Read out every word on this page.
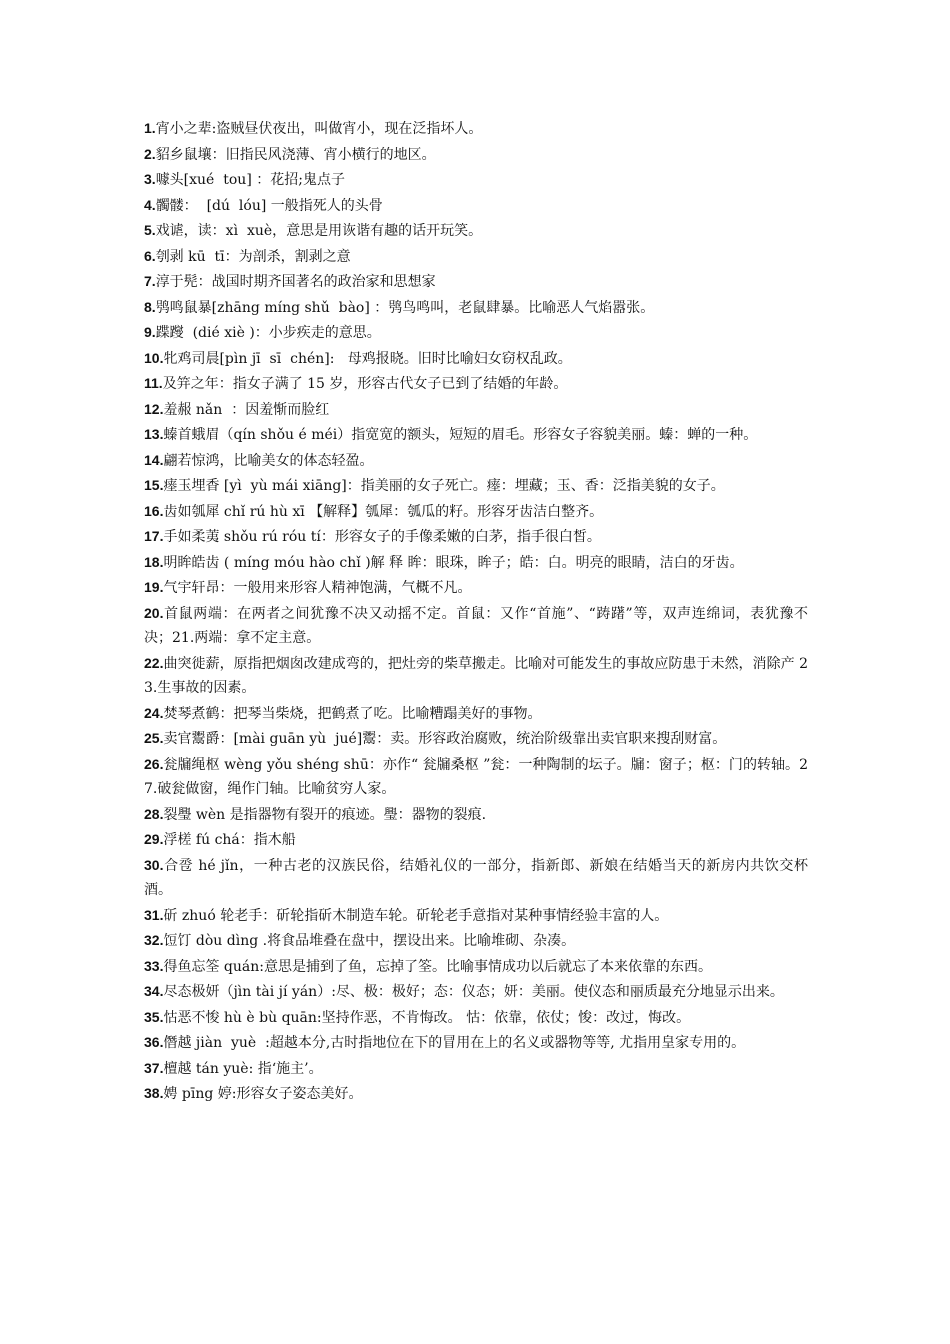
1.宵小之辈:盗贼昼伏夜出，叫做宵小，现在泛指坏人。

2.貂乡鼠壤：旧指民风浇薄、宵小横行的地区。

3.噱头[xué  tou] ：花招;鬼点子

4.髑髅：  [dú  lóu] 一般指死人的头骨

5.戏谑，读：xì  xuè，意思是用诙谐有趣的话开玩笑。

6.刳剥 kū  tī：为剖杀，割剥之意

7.淳于髡：战国时期齐国著名的政治家和思想家

8.鸮鸣鼠暴[zhāng míng shǔ  bào] ：鸮鸟鸣叫，老鼠肆暴。比喻恶人气焰嚣张。

9.蹀躞  (dié xiè )：小步疾走的意思。

10.牝鸡司晨[pìn jī  sī  chén]:   母鸡报晓。旧时比喻妇女窃权乱政。

11.及笄之年：指女子满了 15 岁，形容古代女子已到了结婚的年龄。

12.羞赧 nǎn  ：因羞惭而脸红

13.螓首蛾眉（qín shǒu é méi）指宽宽的额头，短短的眉毛。形容女子容貌美丽。螓：蝉的一种。

14.翩若惊鸿，比喻美女的体态轻盈。

15.瘗玉埋香 [yì  yù mái xiāng]：指美丽的女子死亡。瘗：埋藏；玉、香：泛指美貌的女子。

16.齿如瓠犀 chǐ rú hù xī 【解释】瓠犀：瓠瓜的籽。形容牙齿洁白整齐。

17.手如柔荑 shǒu rú róu tí：形容女子的手像柔嫩的白茅，指手很白皙。

18.明眸皓齿 ( míng móu hào chǐ )解 释 眸：眼珠，眸子；皓：白。明亮的眼睛，洁白的牙齿。

19.气宇轩昂：一般用来形容人精神饱满，气概不凡。

20.首鼠两端：在两者之间犹豫不决又动摇不定。首鼠：又作“首施”、“踌躇”等，双声连绵词，表犹豫不决；21.两端：拿不定主意。

22.曲突徙薪，原指把烟囱改建成弯的，把灶旁的柴草搬走。比喻对可能发生的事故应防患于未然，消除产 23.生事故的因素。

24.焚琴煮鹤：把琴当柴烧，把鹤煮了吃。比喻糟蹋美好的事物。

25.卖官鬻爵：[mài guān yù  jué]鬻：卖。形容政治腐败，统治阶级靠出卖官职来搜刮财富。

26.瓮牖绳枢 wèng yǒu shéng shū：亦作“ 瓮牖桑枢 ”瓮：一种陶制的坛子。牖：窗子；枢：门的转轴。27.破瓮做窗，绳作门轴。比喻贫穷人家。

28.裂璺 wèn 是指器物有裂开的痕迹。璺：器物的裂痕.

29.浮槎 fú chá：指木船

30.合卺 hé jǐn，一种古老的汉族民俗，结婚礼仪的一部分，指新郎、新娘在结婚当天的新房内共饮交杯酒。

31.斫 zhuó 轮老手：斫轮指斫木制造车轮。斫轮老手意指对某种事情经验丰富的人。

32.饾饤 dòu dìng .将食品堆叠在盘中，摆设出来。比喻堆砌、杂凑。

33.得鱼忘筌 quán:意思是捕到了鱼，忘掉了筌。比喻事情成功以后就忘了本来依靠的东西。

34.尽态极妍（jìn tài jí yán）:尽、极：极好；态：仪态；妍：美丽。使仪态和丽质最充分地显示出来。

35.怙恶不悛 hù è bù quān:坚持作恶，不肯悔改。 怙：依靠，依仗；悛：改过，悔改。

36.僭越 jiàn  yuè  :超越本分,古时指地位在下的冒用在上的名义或器物等等, 尤指用皇家专用的。

37.檀越 tán yuè: 指‘施主’。

38.娉 pīng 婷:形容女子姿态美好。
